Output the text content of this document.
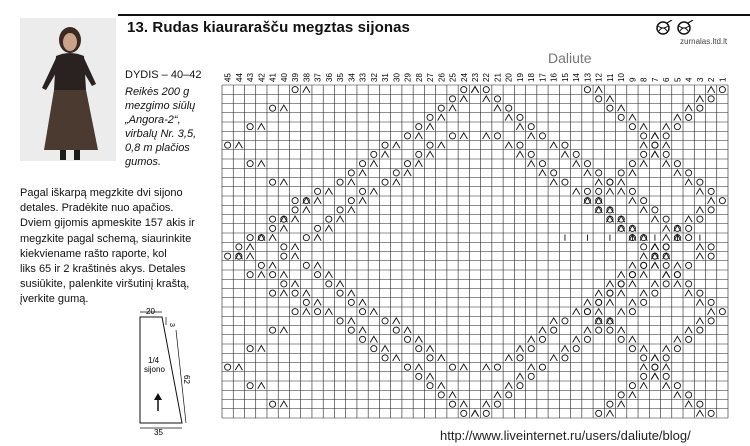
13. Rudas kiaurarašču megztas sijonas
zurnalas.ltd.lt
DYDIS – 40–42
Reikės 200 g
mezgimo siūlų
„Angora-2“,
virbalų Nr. 3,5,
0,8 m plačios
gumos.
Pagal iškarpą megzkite dvi sijono
detales. Pradėkite nuo apačios.
Dviem gijomis apmeskite 157 akis ir
megzkite pagal schemą, siaurinkite
kiekviename rašto raporte, kol
liks 65 ir 2 kraštinės akys. Detales
susiūkite, palenkite viršutinį kraštą,
įverkite gumą.
20
3
1/4
sijono
62
35
Daliute
45 44 43 42 41 40 39 38 37 36 35 34 33 32 31 30 29 28 27 26 25 24 23 22 21 20 19 18 17 16 15 14 13 12 11 10 9 8 7 6 5 4 3 2 1
http://www.liveinternet.ru/users/daliute/blog/
